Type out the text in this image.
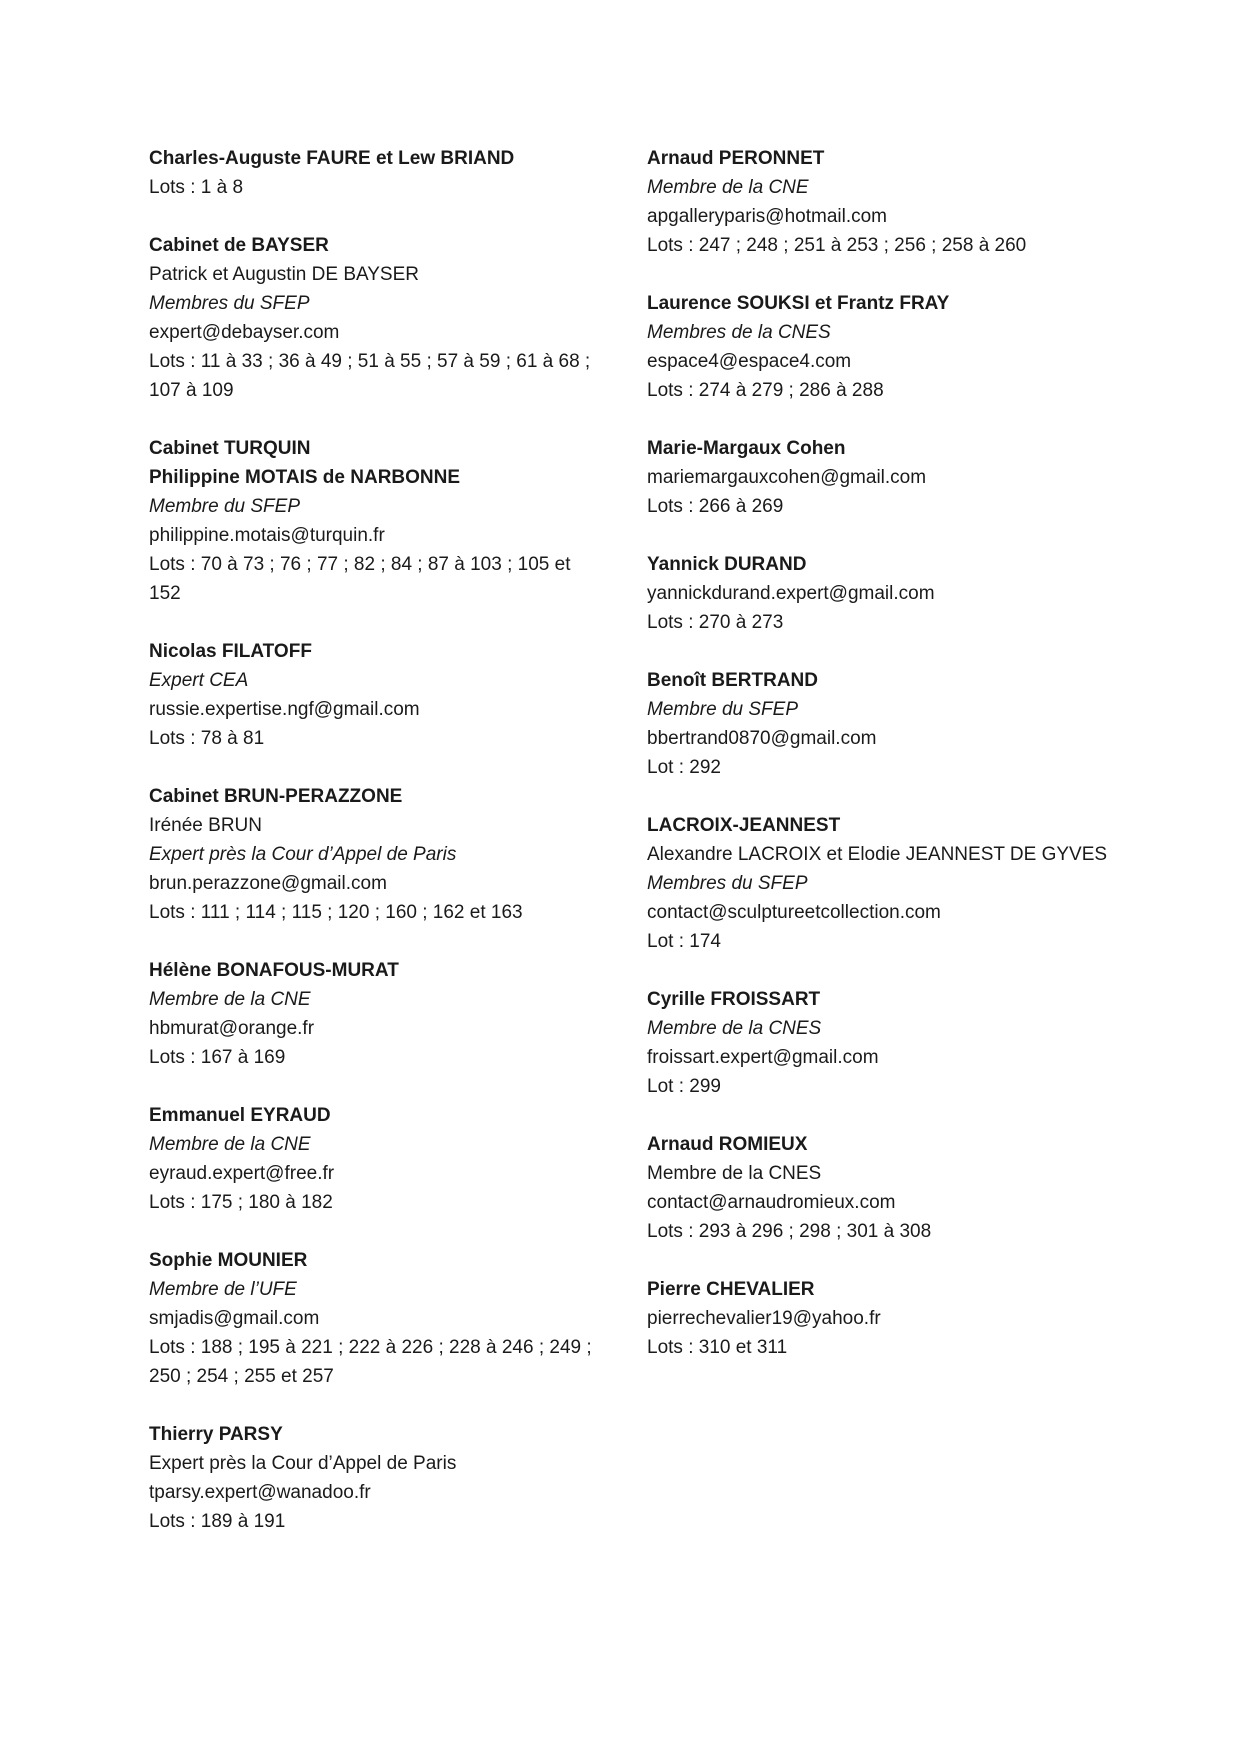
Charles-Auguste FAURE et Lew BRIAND

Lots : 1 à 8

Cabinet de BAYSER

Patrick et Augustin DE BAYSER

Membres du SFEP

expert@debayser.com

Lots : 11 à 33 ; 36 à 49 ; 51 à 55 ; 57 à 59 ; 61 à 68 ;

107 à 109

Cabinet TURQUIN

Philippine MOTAIS de NARBONNE

Membre du SFEP

philippine.motais@turquin.fr

Lots : 70 à 73 ; 76 ; 77 ; 82 ; 84 ; 87 à 103 ; 105 et

152

Nicolas FILATOFF

Expert CEA

russie.expertise.ngf@gmail.com

Lots : 78 à 81

Cabinet BRUN-PERAZZONE

Irénée BRUN

Expert près la Cour d’Appel de Paris

brun.perazzone@gmail.com

Lots : 111 ; 114 ; 115 ; 120 ; 160 ; 162 et 163

Hélène BONAFOUS-MURAT

Membre de la CNE

hbmurat@orange.fr

Lots : 167 à 169

Emmanuel EYRAUD

Membre de la CNE

eyraud.expert@free.fr

Lots : 175 ; 180 à 182

Sophie MOUNIER

Membre de l’UFE

smjadis@gmail.com

Lots : 188 ; 195 à 221 ; 222 à 226 ; 228 à 246 ; 249 ;

250 ; 254 ; 255 et 257

Thierry PARSY

Expert près la Cour d’Appel de Paris

tparsy.expert@wanadoo.fr

Lots : 189 à 191

Arnaud PERONNET

Membre de la CNE

apgalleryparis@hotmail.com

Lots : 247 ; 248 ; 251 à 253 ; 256 ; 258 à 260

Laurence SOUKSI et Frantz FRAY

Membres de la CNES

espace4@espace4.com

Lots : 274 à 279 ; 286 à 288

Marie-Margaux Cohen

mariemargauxcohen@gmail.com

Lots : 266 à 269

Yannick DURAND

yannickdurand.expert@gmail.com

Lots : 270 à 273

Benoît BERTRAND

Membre du SFEP

bbertrand0870@gmail.com

Lot : 292

LACROIX-JEANNEST

Alexandre LACROIX et Elodie JEANNEST DE GYVES

Membres du SFEP

contact@sculptureetcollection.com

Lot : 174

Cyrille FROISSART

Membre de la CNES

froissart.expert@gmail.com

Lot : 299

Arnaud ROMIEUX

Membre de la CNES

contact@arnaudromieux.com

Lots : 293 à 296 ; 298 ; 301 à 308

Pierre CHEVALIER

pierrechevalier19@yahoo.fr

Lots : 310 et 311
